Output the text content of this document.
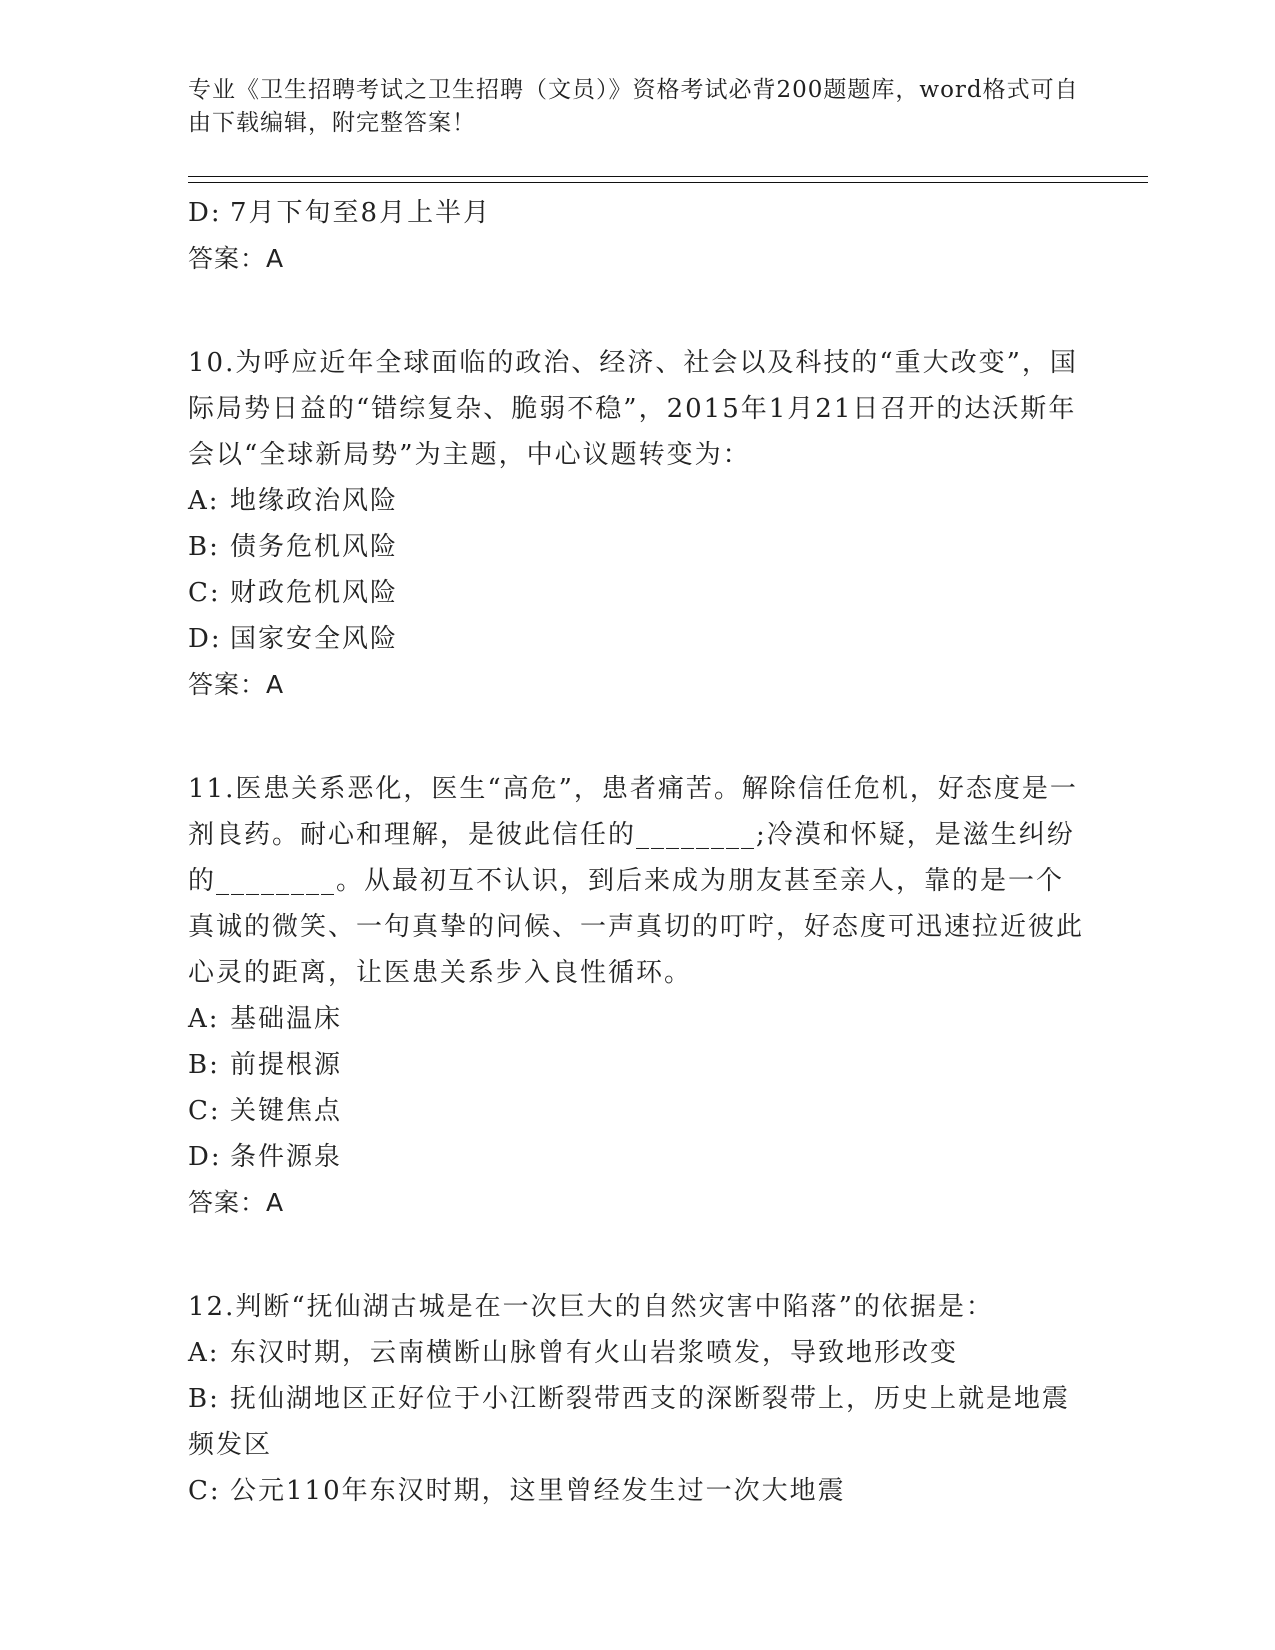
专业《卫生招聘考试之卫生招聘（文员）》资格考试必背200题题库，word格式可自由下载编辑，附完整答案！
D: 7月下旬至8月上半月
答案：A
10.为呼应近年全球面临的政治、经济、社会以及科技的“重大改变”，国际局势日益的“错综复杂、脆弱不稳”，2015年1月21日召开的达沃斯年会以“全球新局势”为主题，中心议题转变为：
A: 地缘政治风险
B: 债务危机风险
C: 财政危机风险
D: 国家安全风险
答案：A
11.医患关系恶化，医生“高危”，患者痛苦。解除信任危机，好态度是一剂良药。耐心和理解，是彼此信任的________;冷漠和怀疑，是滋生纠纷的________。从最初互不认识，到后来成为朋友甚至亲人，靠的是一个真诚的微笑、一句真挚的问候、一声真切的叮咛，好态度可迅速拉近彼此心灵的距离，让医患关系步入良性循环。
A: 基础温床
B: 前提根源
C: 关键焦点
D: 条件源泉
答案：A
12.判断“抚仙湖古城是在一次巨大的自然灾害中陷落”的依据是：
A: 东汉时期，云南横断山脉曾有火山岩浆喷发，导致地形改变
B: 抚仙湖地区正好位于小江断裂带西支的深断裂带上，历史上就是地震频发区
C: 公元110年东汉时期，这里曾经发生过一次大地震
